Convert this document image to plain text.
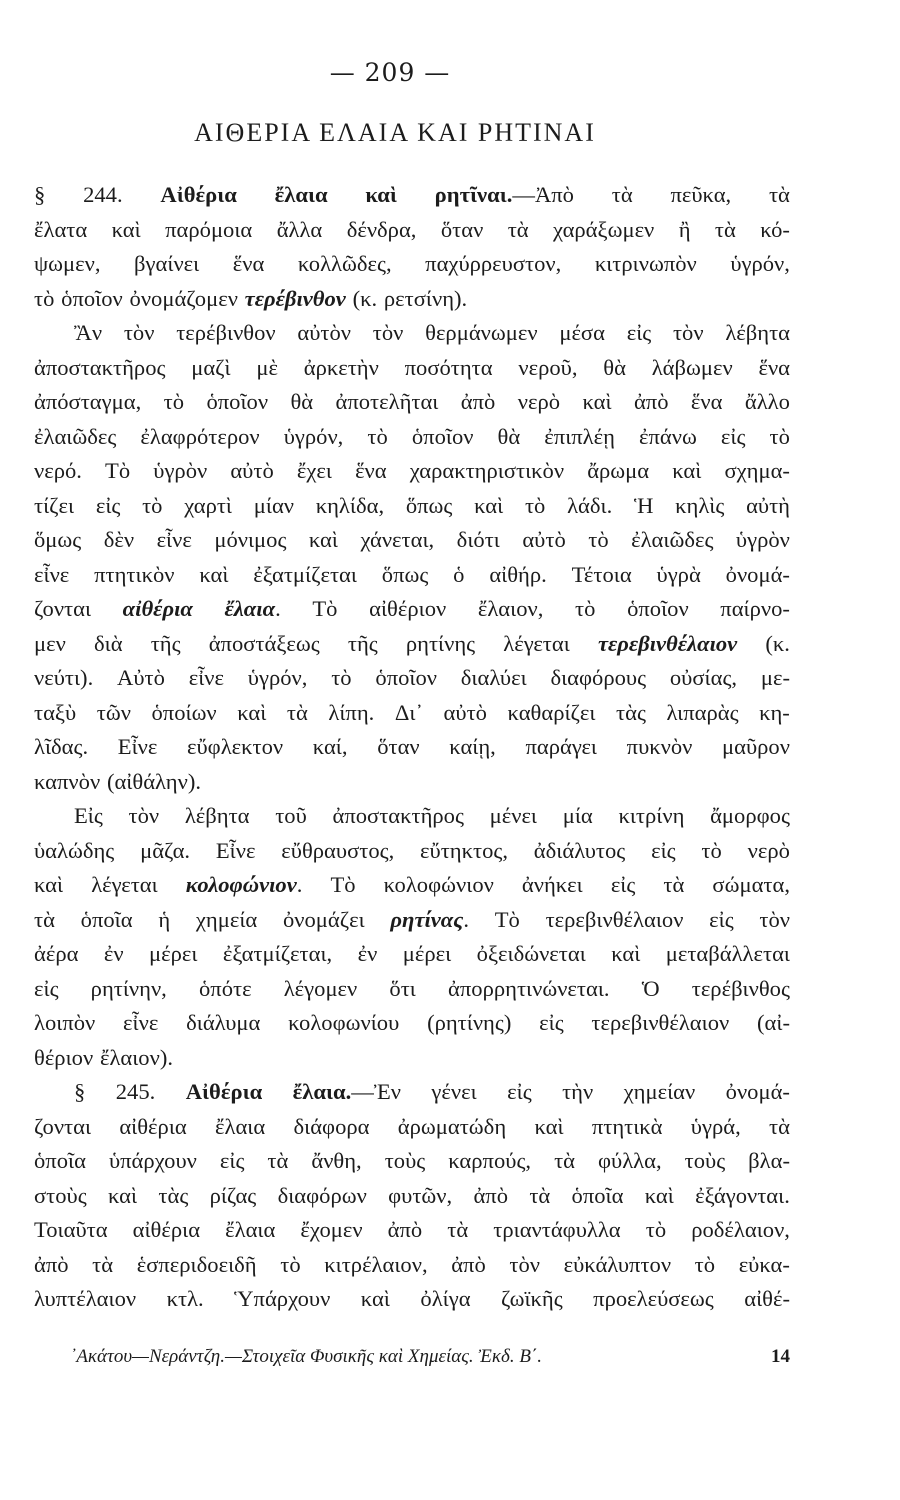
— 209 —
ΑΙΘΕΡΙΑ ΕΛΑΙΑ ΚΑΙ ΡΗΤΙΝΑΙ
§ 244. Αἰθέρια ἔλαια καὶ ρητῖναι.—Ἀπὸ τὰ πεῦκα, τὰ
ἔλατα καὶ παρόμοια ἄλλα δένδρα, ὅταν τὰ χαράξωμεν ἢ τὰ κό-
ψωμεν, βγαίνει ἕνα κολλῶδες, παχύρρευστον, κιτρινωπὸν ὑγρόν,
τὸ ὁποῖον ὀνομάζομεν τερέβινθον (κ. ρετσίνη).
Ἂν τὸν τερέβινθον αὐτὸν τὸν θερμάνωμεν μέσα εἰς τὸν λέβητα
ἀποστακτῆρος μαζὶ μὲ ἀρκετὴν ποσότητα νεροῦ, θὰ λάβωμεν ἕνα
ἀπόσταγμα, τὸ ὁποῖον θὰ ἀποτελῆται ἀπὸ νερὸ καὶ ἀπὸ ἕνα ἄλλο
ἐλαιῶδες ἐλαφρότερον ὑγρόν, τὸ ὁποῖον θὰ ἐπιπλέῃ ἐπάνω εἰς τὸ
νερό. Τὸ ὑγρὸν αὐτὸ ἔχει ἕνα χαρακτηριστικὸν ἄρωμα καὶ σχημα-
τίζει εἰς τὸ χαρτὶ μίαν κηλίδα, ὅπως καὶ τὸ λάδι. Ἡ κηλὶς αὐτὴ
ὅμως δὲν εἶνε μόνιμος καὶ χάνεται, διότι αὐτὸ τὸ ἐλαιῶδες ὑγρὸν
εἶνε πτητικὸν καὶ ἐξατμίζεται ὅπως ὁ αἰθήρ. Τέτοια ὑγρὰ ὀνομά-
ζονται αἰθέρια ἔλαια. Τὸ αἰθέριον ἔλαιον, τὸ ὁποῖον παίρνο-
μεν διὰ τῆς ἀποστάξεως τῆς ρητίνης λέγεται τερεβινθέλαιον (κ.
νεύτι). Αὐτὸ εἶνε ὑγρόν, τὸ ὁποῖον διαλύει διαφόρους οὐσίας, με-
ταξὺ τῶν ὁποίων καὶ τὰ λίπη. Δι᾽ αὐτὸ καθαρίζει τὰς λιπαρὰς κη-
λῖδας. Εἶνε εὔφλεκτον καί, ὅταν καίῃ, παράγει πυκνὸν μαῦρον
καπνὸν (αἰθάλην).
Εἰς τὸν λέβητα τοῦ ἀποστακτῆρος μένει μία κιτρίνη ἄμορφος
ὑαλώδης μᾶζα. Εἶνε εὔθραυστος, εὔτηκτος, ἀδιάλυτος εἰς τὸ νερὸ
καὶ λέγεται κολοφώνιον. Τὸ κολοφώνιον ἀνήκει εἰς τὰ σώματα,
τὰ ὁποῖα ἡ χημεία ὀνομάζει ρητίνας. Τὸ τερεβινθέλαιον εἰς τὸν
ἀέρα ἐν μέρει ἐξατμίζεται, ἐν μέρει ὀξειδώνεται καὶ μεταβάλλεται
εἰς ρητίνην, ὁπότε λέγομεν ὅτι ἀπορρητινώνεται. Ὁ τερέβινθος
λοιπὸν εἶνε διάλυμα κολοφωνίου (ρητίνης) εἰς τερεβινθέλαιον (αἰ-
θέριον ἔλαιον).
§ 245. Αἰθέρια ἔλαια.—Ἐν γένει εἰς τὴν χημείαν ὀνομά-
ζονται αἰθέρια ἔλαια διάφορα ἀρωματώδη καὶ πτητικὰ ὑγρά, τὰ
ὁποῖα ὑπάρχουν εἰς τὰ ἄνθη, τοὺς καρπούς, τὰ φύλλα, τοὺς βλα-
στοὺς καὶ τὰς ρίζας διαφόρων φυτῶν, ἀπὸ τὰ ὁποῖα καὶ ἐξάγονται.
Τοιαῦτα αἰθέρια ἔλαια ἔχομεν ἀπὸ τὰ τριαντάφυλλα τὸ ροδέλαιον,
ἀπὸ τὰ ἑσπεριδοειδῆ τὸ κιτρέλαιον, ἀπὸ τὸν εὐκάλυπτον τὸ εὐκα-
λυπτέλαιον κτλ. Ὑπάρχουν καὶ ὀλίγα ζωϊκῆς προελεύσεως αἰθέ-
᾿Ακάτου—Νεράντζη.—Στοιχεῖα Φυσικῆς καὶ Χημείας. Ἐκδ. Β΄.	14
